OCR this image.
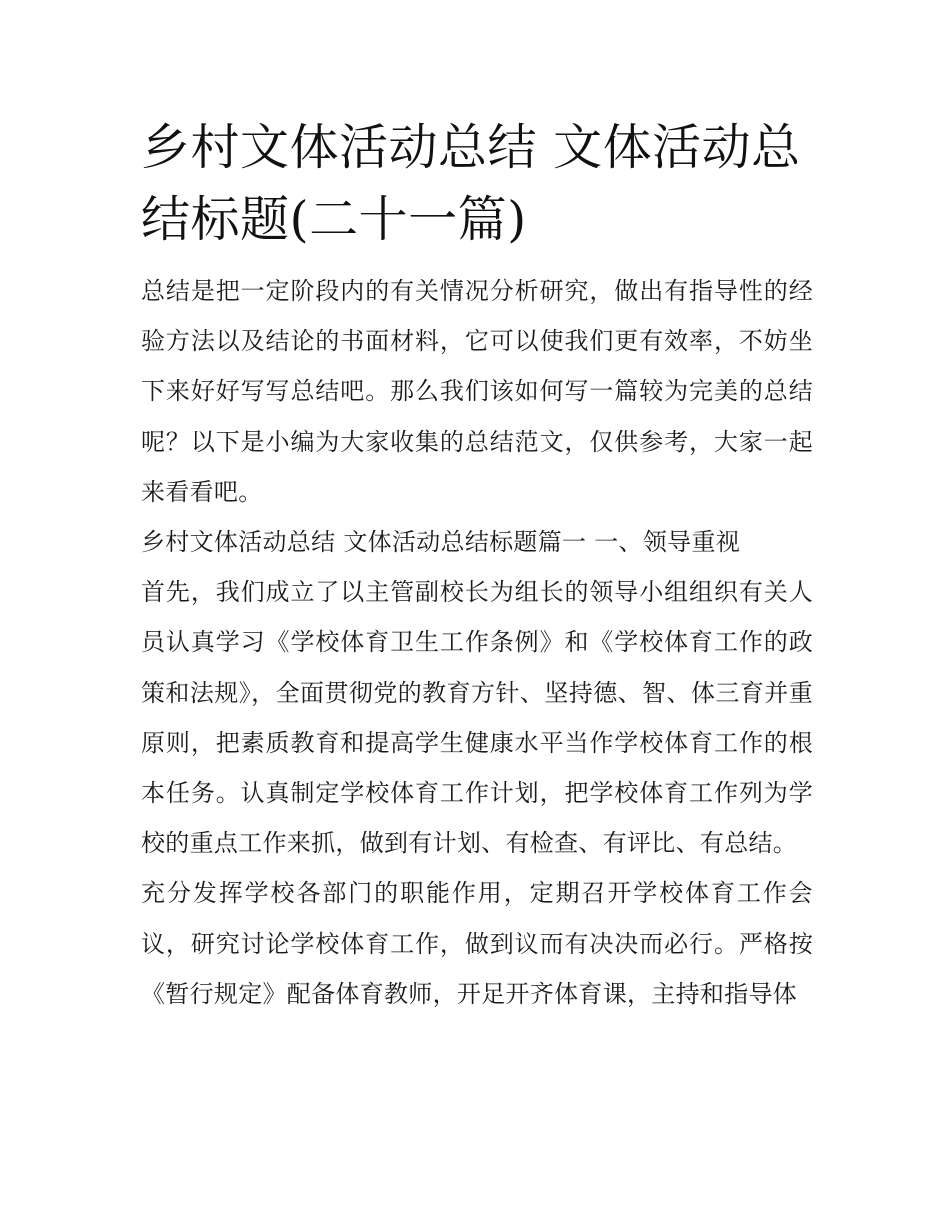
乡村文体活动总结 文体活动总结标题(二十一篇)

总结是把一定阶段内的有关情况分析研究，做出有指导性的经验方法以及结论的书面材料，它可以使我们更有效率，不妨坐下来好好写写总结吧。那么我们该如何写一篇较为完美的总结呢？以下是小编为大家收集的总结范文，仅供参考，大家一起来看看吧。

乡村文体活动总结 文体活动总结标题篇一 一、领导重视

首先，我们成立了以主管副校长为组长的领导小组组织有关人员认真学习《学校体育卫生工作条例》和《学校体育工作的政策和法规》，全面贯彻党的教育方针、坚持德、智、体三育并重原则，把素质教育和提高学生健康水平当作学校体育工作的根本任务。认真制定学校体育工作计划，把学校体育工作列为学校的重点工作来抓，做到有计划、有检查、有评比、有总结。

充分发挥学校各部门的职能作用，定期召开学校体育工作会议，研究讨论学校体育工作，做到议而有决决而必行。严格按《暂行规定》配备体育教师，开足开齐体育课，主持和指导体
